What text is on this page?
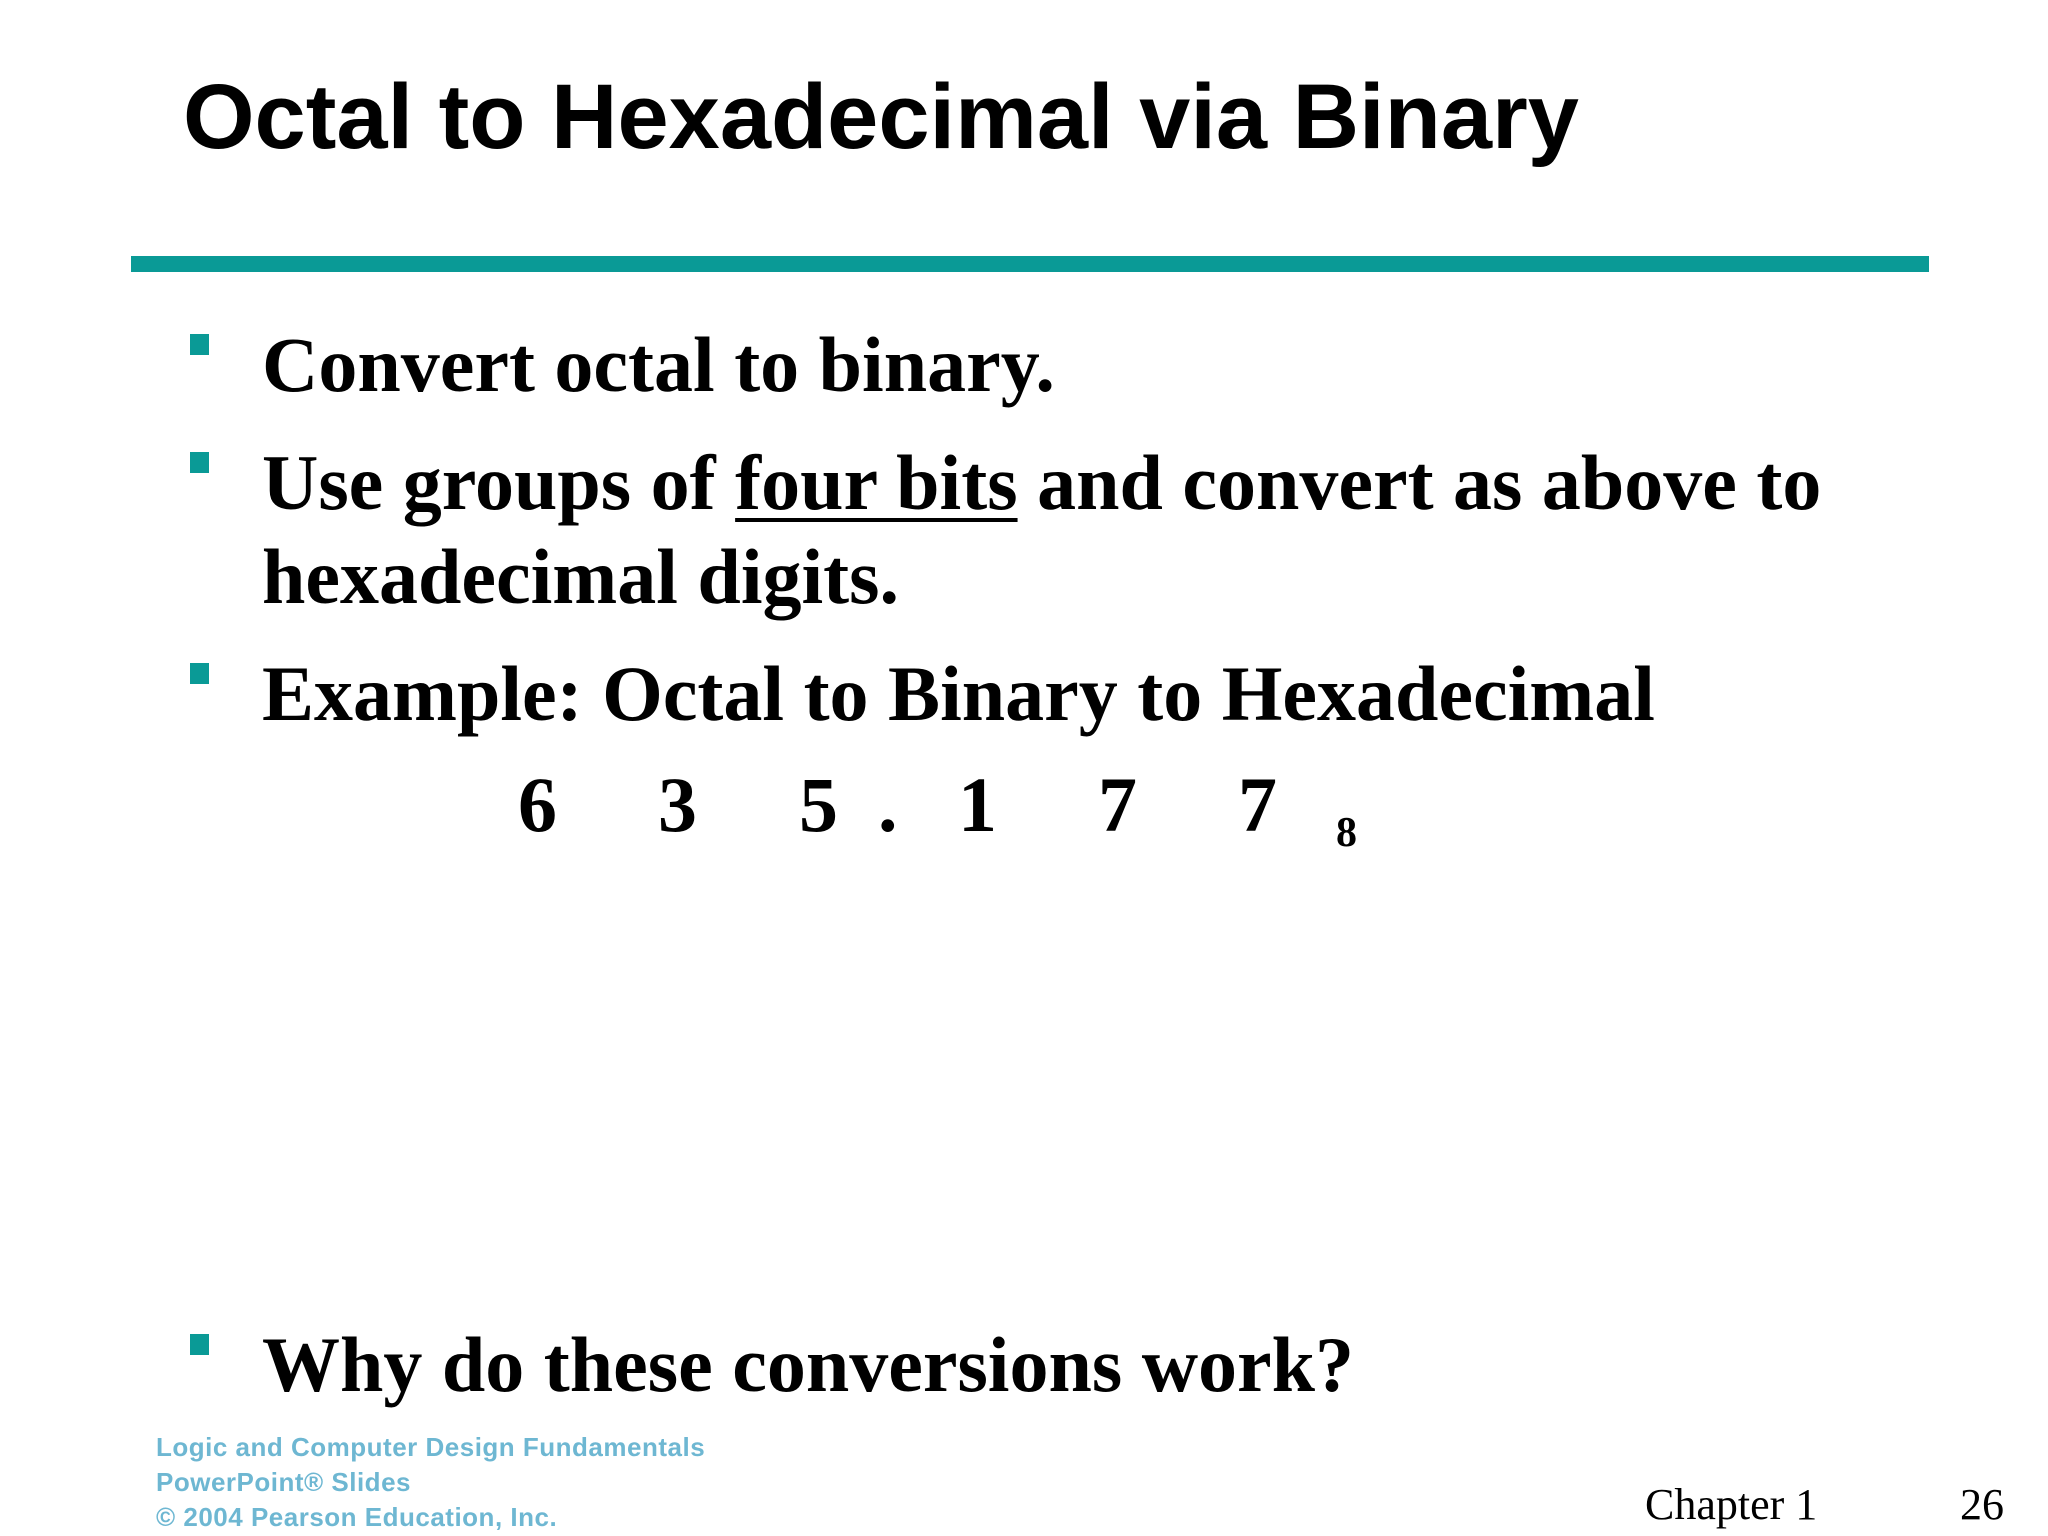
Octal to Hexadecimal via Binary
Convert octal to binary.
Use groups of four bits and convert as above to
hexadecimal digits.
Example: Octal to Binary to Hexadecimal
6 3 5 . 1 7 7 8
Why do these conversions work?
Logic and Computer Design Fundamentals
PowerPoint® Slides
© 2004 Pearson Education, Inc.	Chapter 1	26
